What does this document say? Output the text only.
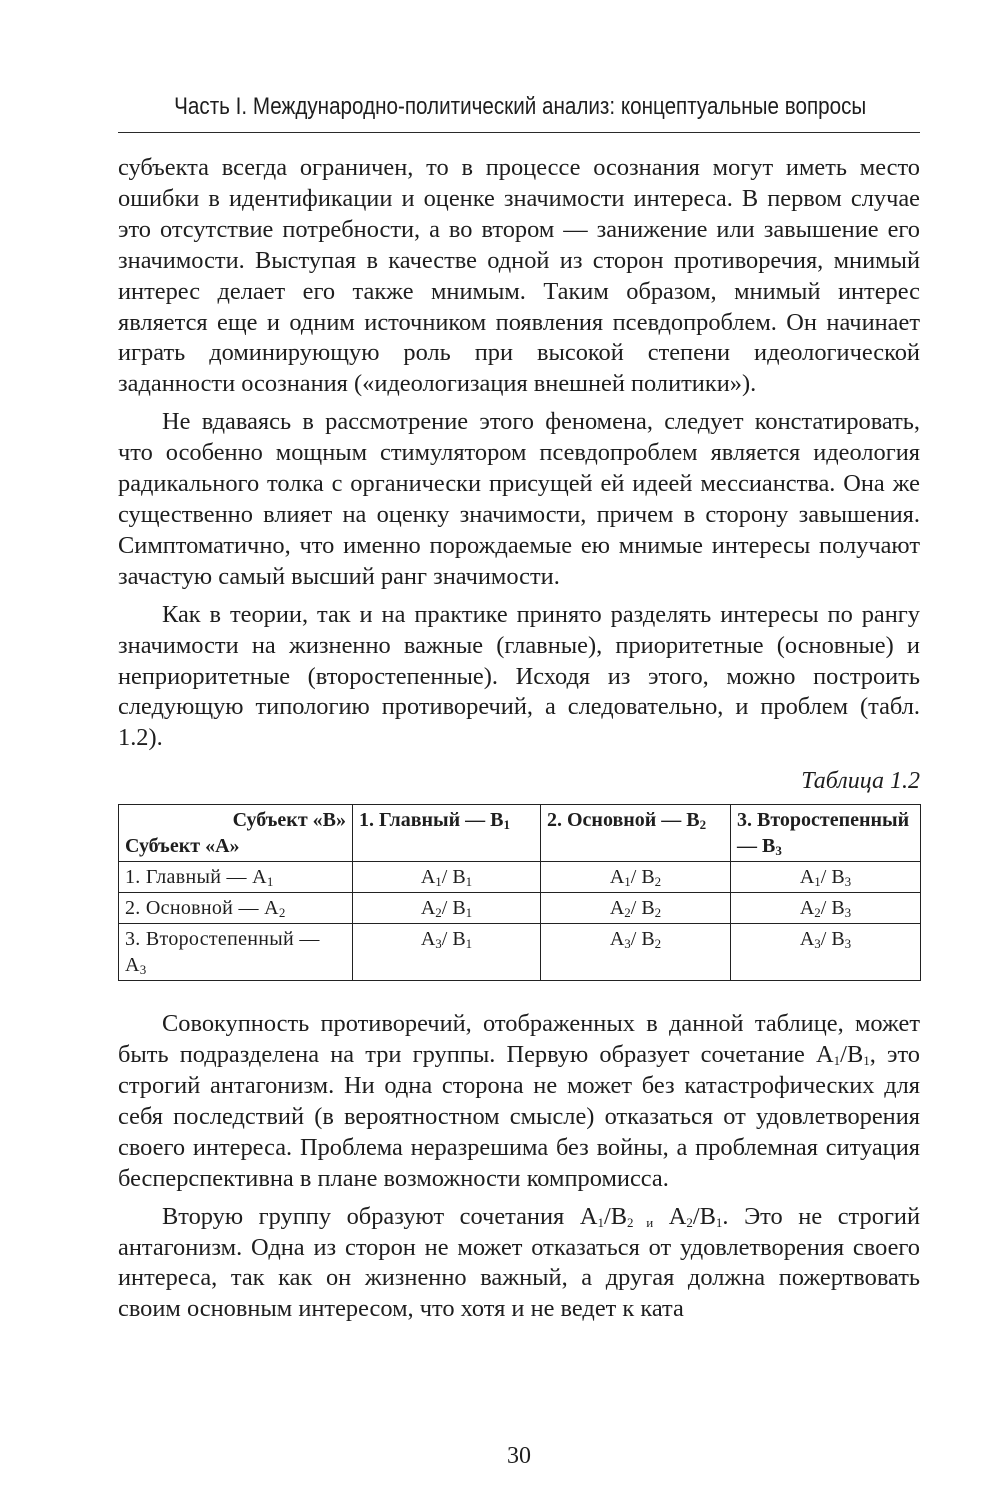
Часть I. Международно-политический анализ: концептуальные вопросы

субъекта всегда ограничен, то в процессе осознания могут иметь место ошибки в идентификации и оценке значимости интереса. В первом случае это отсутствие потребности, а во втором — занижение или завышение его значимости. Выступая в качестве одной из сторон противоречия, мнимый интерес делает его также мнимым. Таким образом, мнимый интерес является еще и одним источником появления псевдопроблем. Он начинает играть доминирующую роль при высокой степени идеологической заданности осознания («идеологизация внешней политики»).

Не вдаваясь в рассмотрение этого феномена, следует констатировать, что особенно мощным стимулятором псевдопроблем является идеология радикального толка с органически присущей ей идеей мессианства. Она же существенно влияет на оценку значимости, причем в сторону завышения. Симптоматично, что именно порождаемые ею мнимые интересы получают зачастую самый высший ранг значимости.

Как в теории, так и на практике принято разделять интересы по рангу значимости на жизненно важные (главные), приоритетные (основные) и неприоритетные (второстепенные). Исходя из этого, можно построить следующую типологию противоречий, а следовательно, и проблем (табл. 1.2).

Таблица 1.2
Субъект «В»
Субъект «А»	1. Главный — $B_1$	2. Основной — $B_2$	3. Второстепенный — $B_3$
1. Главный — $A_1$	$A_1/$ $B_1$	$A_1/$ $B_2$	$A_1/$ $B_3$
2. Основной — $A_2$	$A_2/$ $B_1$	$A_2/$ $B_2$	$A_2/$ $B_3$
3. Второстепенный — $A_3$	$A_3/$ $B_1$	$A_3/$ $B_2$	$A_3/$ $B_3$

Совокупность противоречий, отображенных в данной таблице, может быть подразделена на три группы. Первую образует сочетание $A_1/B_1$, это строгий антагонизм. Ни одна сторона не может без катастрофических для себя последствий (в вероятностном смысле) отказаться от удовлетворения своего интереса. Проблема неразрешима без войны, а проблемная ситуация бесперспективна в плане возможности компромисса.

Вторую группу образуют сочетания $A_1/B_{2 и}$ $A_2/B_1$. Это не строгий антагонизм. Одна из сторон не может отказаться от удовлетворения своего интереса, так как он жизненно важный, а другая должна пожертвовать своим основным интересом, что хотя и не ведет к ката

30
